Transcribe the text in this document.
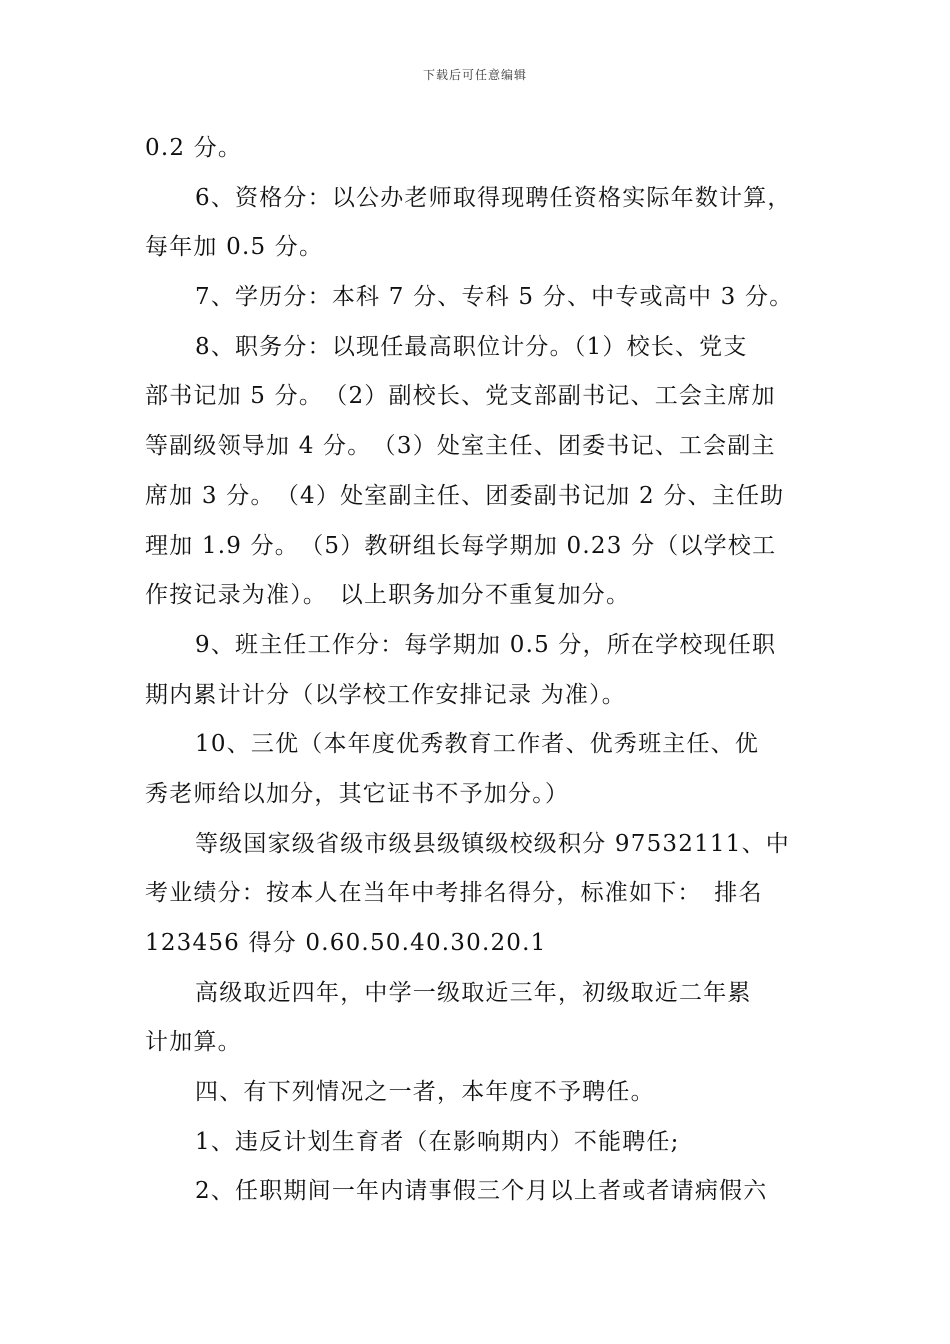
下载后可任意编辑
0.2 分。
6、资格分：以公办老师取得现聘任资格实际年数计算，
每年加 0.5 分。
7、学历分：本科 7 分、专科 5 分、中专或高中 3 分。
8、职务分：以现任最高职位计分。（1）校长、党支
部书记加 5 分。　（2）副校长、党支部副书记、工会主席加
等副级领导加 4 分。　（3）处室主任、团委书记、工会副主
席加 3 分。　（4）处室副主任、团委副书记加 2 分、主任助
理加 1.9 分。　（5）教研组长每学期加 0.23 分（以学校工
作按记录为准）。　以上职务加分不重复加分。
9、班主任工作分：每学期加 0.5 分，所在学校现任职
期内累计计分（以学校工作安排记录 为准）。
10、三优（本年度优秀教育工作者、优秀班主任、优
秀老师给以加分，其它证书不予加分。）
等级国家级省级市级县级镇级校级积分 97532111、中
考业绩分：按本人在当年中考排名得分，标准如下：　排名
123456 得分 0.60.50.40.30.20.1
高级取近四年，中学一级取近三年，初级取近二年累
计加算。
四、有下列情况之一者，本年度不予聘任。
1、违反计划生育者（在影响期内）不能聘任;
2、任职期间一年内请事假三个月以上者或者请病假六
